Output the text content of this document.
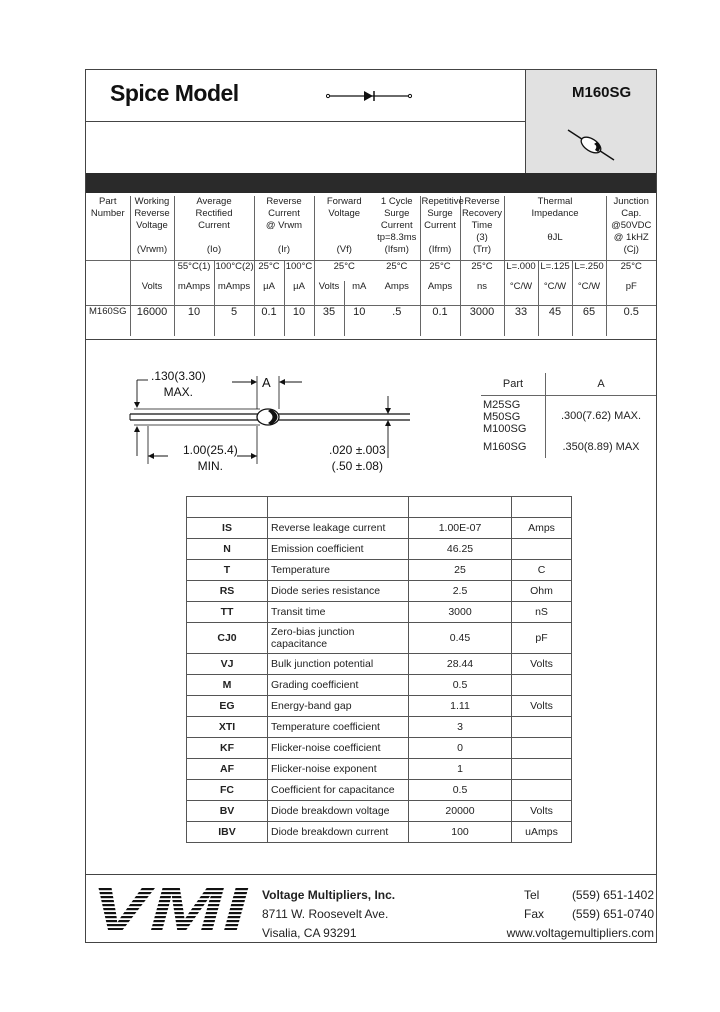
Spice Model	M160SG
Part
Number	Working
Reverse
Voltage

(Vrwm)	Average
Rectified
Current

(Io)		Reverse
Current
@ Vrwm

(Ir)		Forward
Voltage

(Vf)		1 Cycle
Surge
Current
tp=8.3ms
(Ifsm)	Repetitive
Surge
Current

(Ifrm)	Reverse
Recovery
Time
(3)
(Trr)	Thermal
Impedance

θJL			Junction
Cap.
@50VDC
@ 1kHZ
(Cj)
		55°C(1)	100°C(2)	25°C	100°C	25°C		25°C	25°C	25°C	L=.000	L=.125	L=.250	25°C
	Volts	mAmps	mAmps	µA	µA	Volts	mA	Amps	Amps	ns	°C/W	°C/W	°C/W	pF
M160SG	16000	10	5	0.1	10	35	10	.5	0.1	3000	33	45	65	0.5
.130(3.30)
MAX.
A
1.00(25.4)
MIN.
.020 ±.003
(.50 ±.08)
Part	A
M25SG
M50SG
M100SG	.300(7.62) MAX.
M160SG	.350(8.89) MAX

IS	Reverse leakage current	1.00E-07	Amps
N	Emission coefficient	46.25	
T	Temperature	25	C
RS	Diode series resistance	2.5	Ohm
TT	Transit time	3000	nS
CJ0	Zero-bias junction capacitance	0.45	pF
VJ	Bulk junction potential	28.44	Volts
M	Grading coefficient	0.5	
EG	Energy-band gap	1.11	Volts
XTI	Temperature coefficient	3	
KF	Flicker-noise coefficient	0	
AF	Flicker-noise exponent	1	
FC	Coefficient for capacitance	0.5	
BV	Diode breakdown voltage	20000	Volts
IBV	Diode breakdown current	100	uAmps
VMI Voltage Multipliers, Inc.
8711 W. Roosevelt Ave.
Visalia, CA 93291
Tel	(559) 651-1402
Fax (559) 651-0740
www.voltagemultipliers.com
